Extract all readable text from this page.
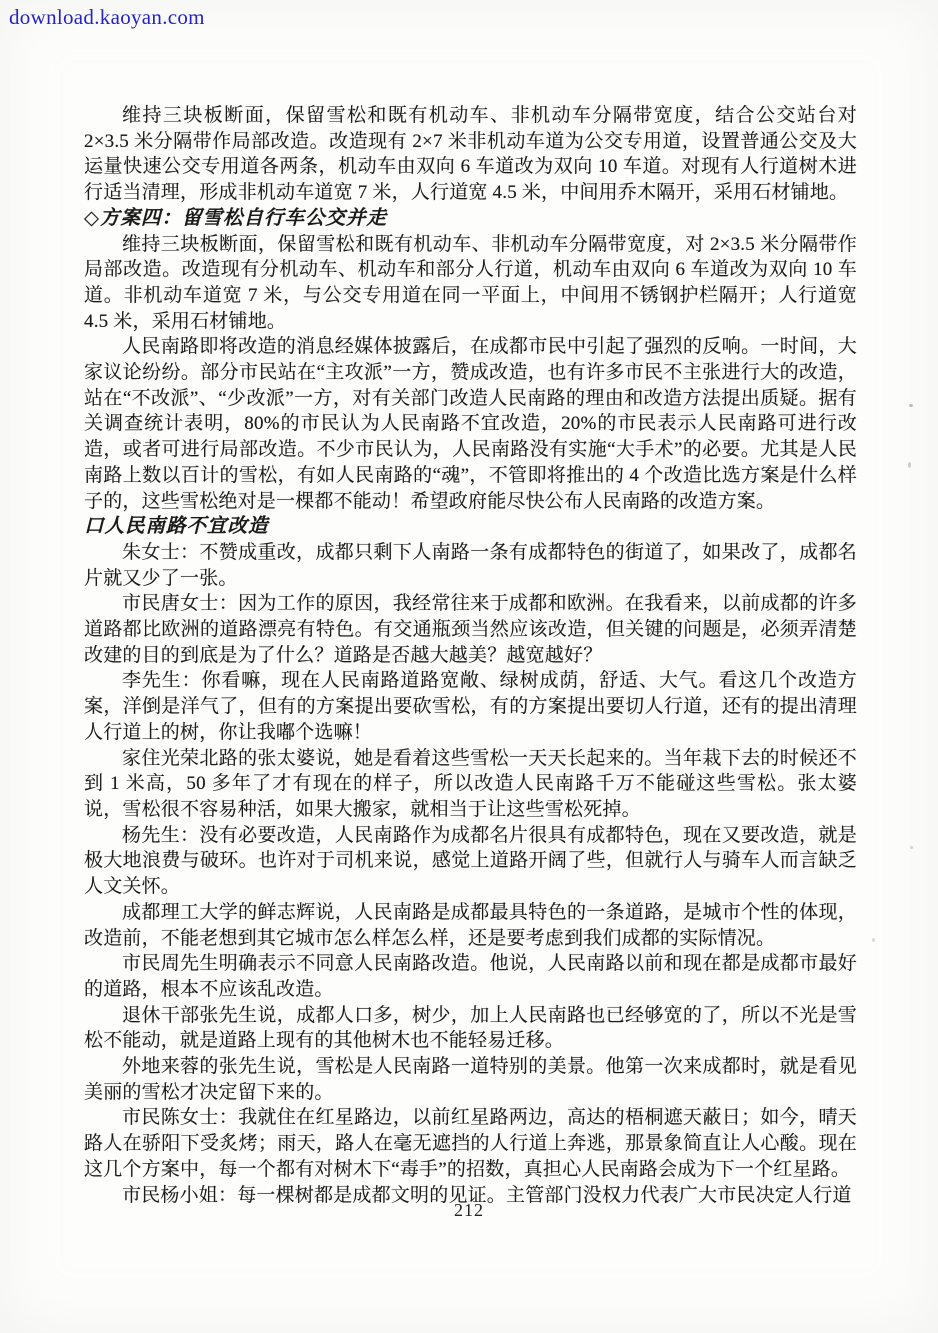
download.kaoyan.com

维持三块板断面，保留雪松和既有机动车、非机动车分隔带宽度，结合公交站台对 2×3.5 米分隔带作局部改造。改造现有 2×7 米非机动车道为公交专用道，设置普通公交及大运量快速公交专用道各两条，机动车由双向 6 车道改为双向 10 车道。对现有人行道树木进行适当清理，形成非机动车道宽 7 米，人行道宽 4.5 米，中间用乔木隔开，采用石材铺地。

◇方案四：留雪松自行车公交并走

维持三块板断面，保留雪松和既有机动车、非机动车分隔带宽度，对 2×3.5 米分隔带作局部改造。改造现有分机动车、机动车和部分人行道，机动车由双向 6 车道改为双向 10 车道。非机动车道宽 7 米，与公交专用道在同一平面上，中间用不锈钢护栏隔开；人行道宽 4.5 米，采用石材铺地。

人民南路即将改造的消息经媒体披露后，在成都市民中引起了强烈的反响。一时间，大家议论纷纷。部分市民站在“主攻派”一方，赞成改造，也有许多市民不主张进行大的改造，站在“不改派”、“少改派”一方，对有关部门改造人民南路的理由和改造方法提出质疑。据有关调查统计表明，80%的市民认为人民南路不宜改造，20%的市民表示人民南路可进行改造，或者可进行局部改造。不少市民认为，人民南路没有实施“大手术”的必要。尤其是人民南路上数以百计的雪松，有如人民南路的“魂”，不管即将推出的 4 个改造比选方案是什么样子的，这些雪松绝对是一棵都不能动！希望政府能尽快公布人民南路的改造方案。

口人民南路不宜改造

朱女士：不赞成重改，成都只剩下人南路一条有成都特色的街道了，如果改了，成都名片就又少了一张。

市民唐女士：因为工作的原因，我经常往来于成都和欧洲。在我看来，以前成都的许多道路都比欧洲的道路漂亮有特色。有交通瓶颈当然应该改造，但关键的问题是，必须弄清楚改建的目的到底是为了什么？道路是否越大越美？越宽越好？

李先生：你看嘛，现在人民南路道路宽敞、绿树成荫，舒适、大气。看这几个改造方案，洋倒是洋气了，但有的方案提出要砍雪松，有的方案提出要切人行道，还有的提出清理人行道上的树，你让我嘟个选嘛！

家住光荣北路的张太婆说，她是看着这些雪松一天天长起来的。当年栽下去的时候还不到 1 米高，50 多年了才有现在的样子，所以改造人民南路千万不能碰这些雪松。张太婆说，雪松很不容易种活，如果大搬家，就相当于让这些雪松死掉。

杨先生：没有必要改造，人民南路作为成都名片很具有成都特色，现在又要改造，就是极大地浪费与破环。也许对于司机来说，感觉上道路开阔了些，但就行人与骑车人而言缺乏人文关怀。

成都理工大学的鲜志辉说，人民南路是成都最具特色的一条道路，是城市个性的体现，改造前，不能老想到其它城市怎么样怎么样，还是要考虑到我们成都的实际情况。

市民周先生明确表示不同意人民南路改造。他说，人民南路以前和现在都是成都市最好的道路，根本不应该乱改造。

退休干部张先生说，成都人口多，树少，加上人民南路也已经够宽的了，所以不光是雪松不能动，就是道路上现有的其他树木也不能轻易迁移。

外地来蓉的张先生说，雪松是人民南路一道特别的美景。他第一次来成都时，就是看见美丽的雪松才决定留下来的。

市民陈女士：我就住在红星路边，以前红星路两边，高达的梧桐遮天蔽日；如今，晴天路人在骄阳下受炙烤；雨天，路人在毫无遮挡的人行道上奔逃，那景象简直让人心酸。现在这几个方案中，每一个都有对树木下“毒手”的招数，真担心人民南路会成为下一个红星路。

市民杨小姐：每一棵树都是成都文明的见证。主管部门没权力代表广大市民决定人行道

212
